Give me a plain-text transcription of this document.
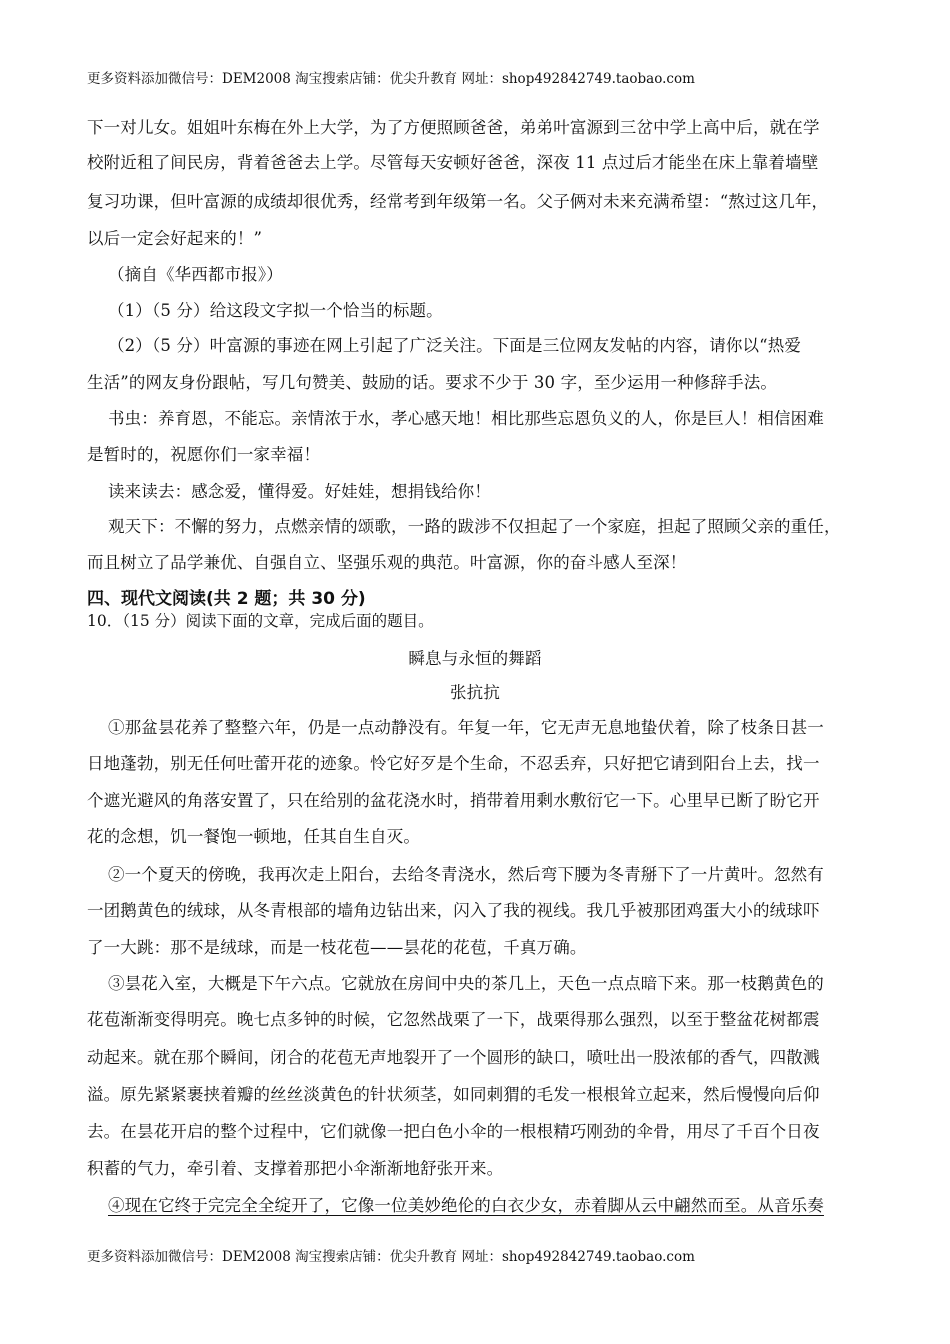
更多资料添加微信号：DEM2008 淘宝搜索店铺：优尖升教育 网址：shop492842749.taobao.com
下一对儿女。姐姐叶东梅在外上大学，为了方便照顾爸爸，弟弟叶富源到三岔中学上高中后，就在学
校附近租了间民房，背着爸爸去上学。尽管每天安顿好爸爸，深夜 11 点过后才能坐在床上靠着墙壁
复习功课，但叶富源的成绩却很优秀，经常考到年级第一名。父子俩对未来充满希望：“熬过这几年，
以后一定会好起来的！”
（摘自《华西都市报》）
（1）（5 分）给这段文字拟一个恰当的标题。
（2）（5 分）叶富源的事迹在网上引起了广泛关注。下面是三位网友发帖的内容，请你以“热爱
生活”的网友身份跟帖，写几句赞美、鼓励的话。要求不少于 30 字，至少运用一种修辞手法。
书虫：养育恩，不能忘。亲情浓于水，孝心感天地！相比那些忘恩负义的人，你是巨人！相信困难
是暂时的，祝愿你们一家幸福！
读来读去：感念爱，懂得爱。好娃娃，想捐钱给你！
观天下：不懈的努力，点燃亲情的颂歌，一路的跋涉不仅担起了一个家庭，担起了照顾父亲的重任，
而且树立了品学兼优、自强自立、坚强乐观的典范。叶富源，你的奋斗感人至深！
四、现代文阅读(共 2 题；共 30 分)
10．（15 分）阅读下面的文章，完成后面的题目。
瞬息与永恒的舞蹈
张抗抗
①那盆昙花养了整整六年，仍是一点动静没有。年复一年，它无声无息地蛰伏着，除了枝条日甚一
日地蓬勃，别无任何吐蕾开花的迹象。怜它好歹是个生命，不忍丢弃，只好把它请到阳台上去，找一
个遮光避风的角落安置了，只在给别的盆花浇水时，捎带着用剩水敷衍它一下。心里早已断了盼它开
花的念想，饥一餐饱一顿地，任其自生自灭。
②一个夏天的傍晚，我再次走上阳台，去给冬青浇水，然后弯下腰为冬青掰下了一片黄叶。忽然有
一团鹅黄色的绒球，从冬青根部的墙角边钻出来，闪入了我的视线。我几乎被那团鸡蛋大小的绒球吓
了一大跳：那不是绒球，而是一枝花苞——昙花的花苞，千真万确。
③昙花入室，大概是下午六点。它就放在房间中央的茶几上，天色一点点暗下来。那一枝鹅黄色的
花苞渐渐变得明亮。晚七点多钟的时候，它忽然战栗了一下，战栗得那么强烈，以至于整盆花树都震
动起来。就在那个瞬间，闭合的花苞无声地裂开了一个圆形的缺口，喷吐出一股浓郁的香气，四散溅
溢。原先紧紧裹挟着瓣的丝丝淡黄色的针状须茎，如同刺猬的毛发一根根耸立起来，然后慢慢向后仰
去。在昙花开启的整个过程中，它们就像一把白色小伞的一根根精巧刚劲的伞骨，用尽了千百个日夜
积蓄的气力，牵引着、支撑着那把小伞渐渐地舒张开来。
④现在它终于完完全全绽开了，它像一位美妙绝伦的白衣少女，赤着脚从云中翩然而至。从音乐奏
更多资料添加微信号：DEM2008 淘宝搜索店铺：优尖升教育 网址：shop492842749.taobao.com
